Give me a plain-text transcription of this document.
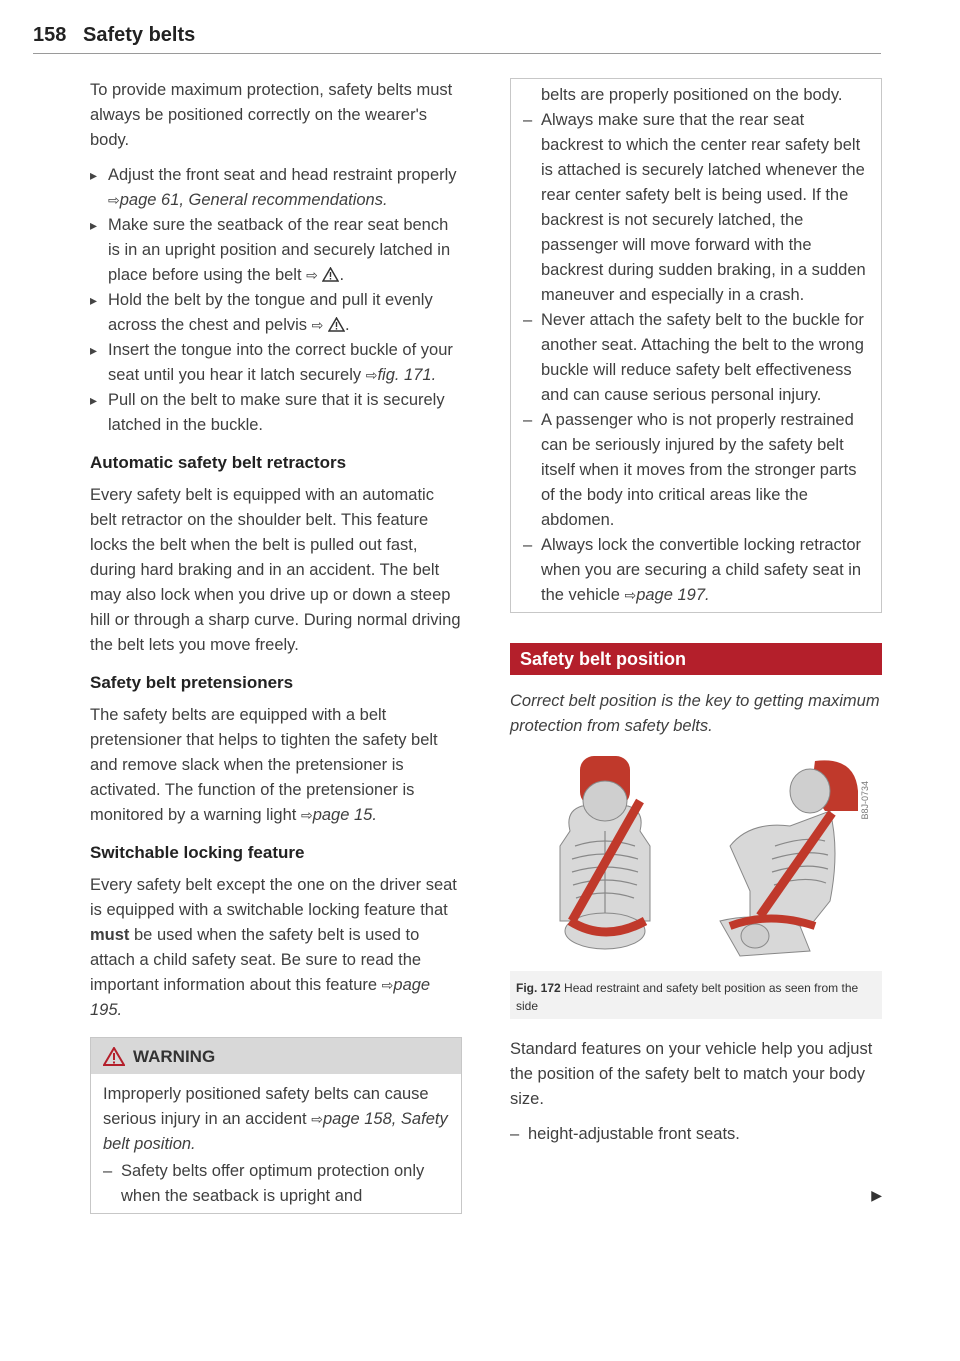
158 Safety belts

To provide maximum protection, safety belts must always be positioned correctly on the wearer's body.

▸ Adjust the front seat and head restraint properly ⇨page 61, General recommendations.
▸ Make sure the seatback of the rear seat bench is in an upright position and securely latched in place before using the belt ⇨ .
▸ Hold the belt by the tongue and pull it evenly across the chest and pelvis ⇨ .
▸ Insert the tongue into the correct buckle of your seat until you hear it latch securely ⇨fig. 171.
▸ Pull on the belt to make sure that it is securely latched in the buckle.
Automatic safety belt retractors

Every safety belt is equipped with an automatic belt retractor on the shoulder belt. This feature locks the belt when the belt is pulled out fast, during hard braking and in an accident. The belt may also lock when you drive up or down a steep hill or through a sharp curve. During normal driving the belt lets you move freely.

Safety belt pretensioners

The safety belts are equipped with a belt pretensioner that helps to tighten the safety belt and remove slack when the pretensioner is activated. The function of the pretensioner is monitored by a warning light ⇨page 15.

Switchable locking feature

Every safety belt except the one on the driver seat is equipped with a switchable locking feature that must be used when the safety belt is used to attach a child safety seat. Be sure to read the important information about this feature ⇨page 195.

WARNING

Improperly positioned safety belts can cause serious injury in an accident ⇨page 158, Safety belt position.

– Safety belts offer optimum protection only when the seatback is upright and

belts are properly positioned on the body.

– Always make sure that the rear seat backrest to which the center rear safety belt is attached is securely latched whenever the rear center safety belt is being used. If the backrest is not securely latched, the passenger will move forward with the backrest during sudden braking, in a sudden maneuver and especially in a crash.
– Never attach the safety belt to the buckle for another seat. Attaching the belt to the wrong buckle will reduce safety belt effectiveness and can cause serious personal injury.
– A passenger who is not properly restrained can be seriously injured by the safety belt itself when it moves from the stronger parts of the body into critical areas like the abdomen.
– Always lock the convertible locking retractor when you are securing a child safety seat in the vehicle ⇨page 197.
Safety belt position

Correct belt position is the key to getting maximum protection from safety belts.

B8J-0734
Fig. 172 Head restraint and safety belt position as seen from the side

Standard features on your vehicle help you adjust the position of the safety belt to match your body size.

– height-adjustable front seats.
▶
